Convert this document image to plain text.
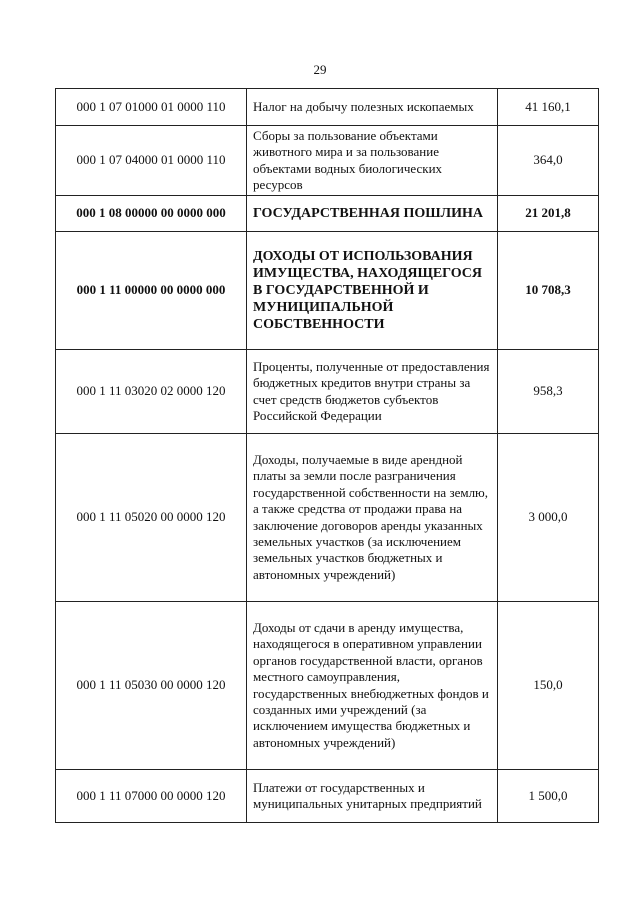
29
000 1 07 01000 01 0000 110	Налог на добычу полезных ископаемых	41 160,1
000 1 07 04000 01 0000 110	Сборы за пользование объектами животного мира и за пользование объектами водных биологических ресурсов	364,0
000 1 08 00000 00 0000 000	ГОСУДАРСТВЕННАЯ ПОШЛИНА	21 201,8
000 1 11 00000 00 0000 000	ДОХОДЫ ОТ ИСПОЛЬЗОВАНИЯ ИМУЩЕСТВА, НАХОДЯЩЕГОСЯ В ГОСУДАРСТВЕННОЙ И МУНИЦИПАЛЬНОЙ СОБСТВЕННОСТИ	10 708,3
000 1 11 03020 02 0000 120	Проценты, полученные от предоставления бюджетных кредитов внутри страны за счет средств бюджетов субъектов Российской Федерации	958,3
000 1 11 05020 00 0000 120	Доходы, получаемые в виде арендной платы за земли после разграничения государственной собственности на землю, а также средства от продажи права на заключение договоров аренды указанных земельных участков (за исключением земельных участков бюджетных и автономных учреждений)	3 000,0
000 1 11 05030 00 0000 120	Доходы от сдачи в аренду имущества, находящегося в оперативном управлении органов государственной власти, органов местного самоуправления, государственных внебюджетных фондов и созданных ими учреждений (за исключением имущества бюджетных и автономных учреждений)	150,0
000 1 11 07000 00 0000 120	Платежи от государственных и муниципальных унитарных предприятий	1 500,0
